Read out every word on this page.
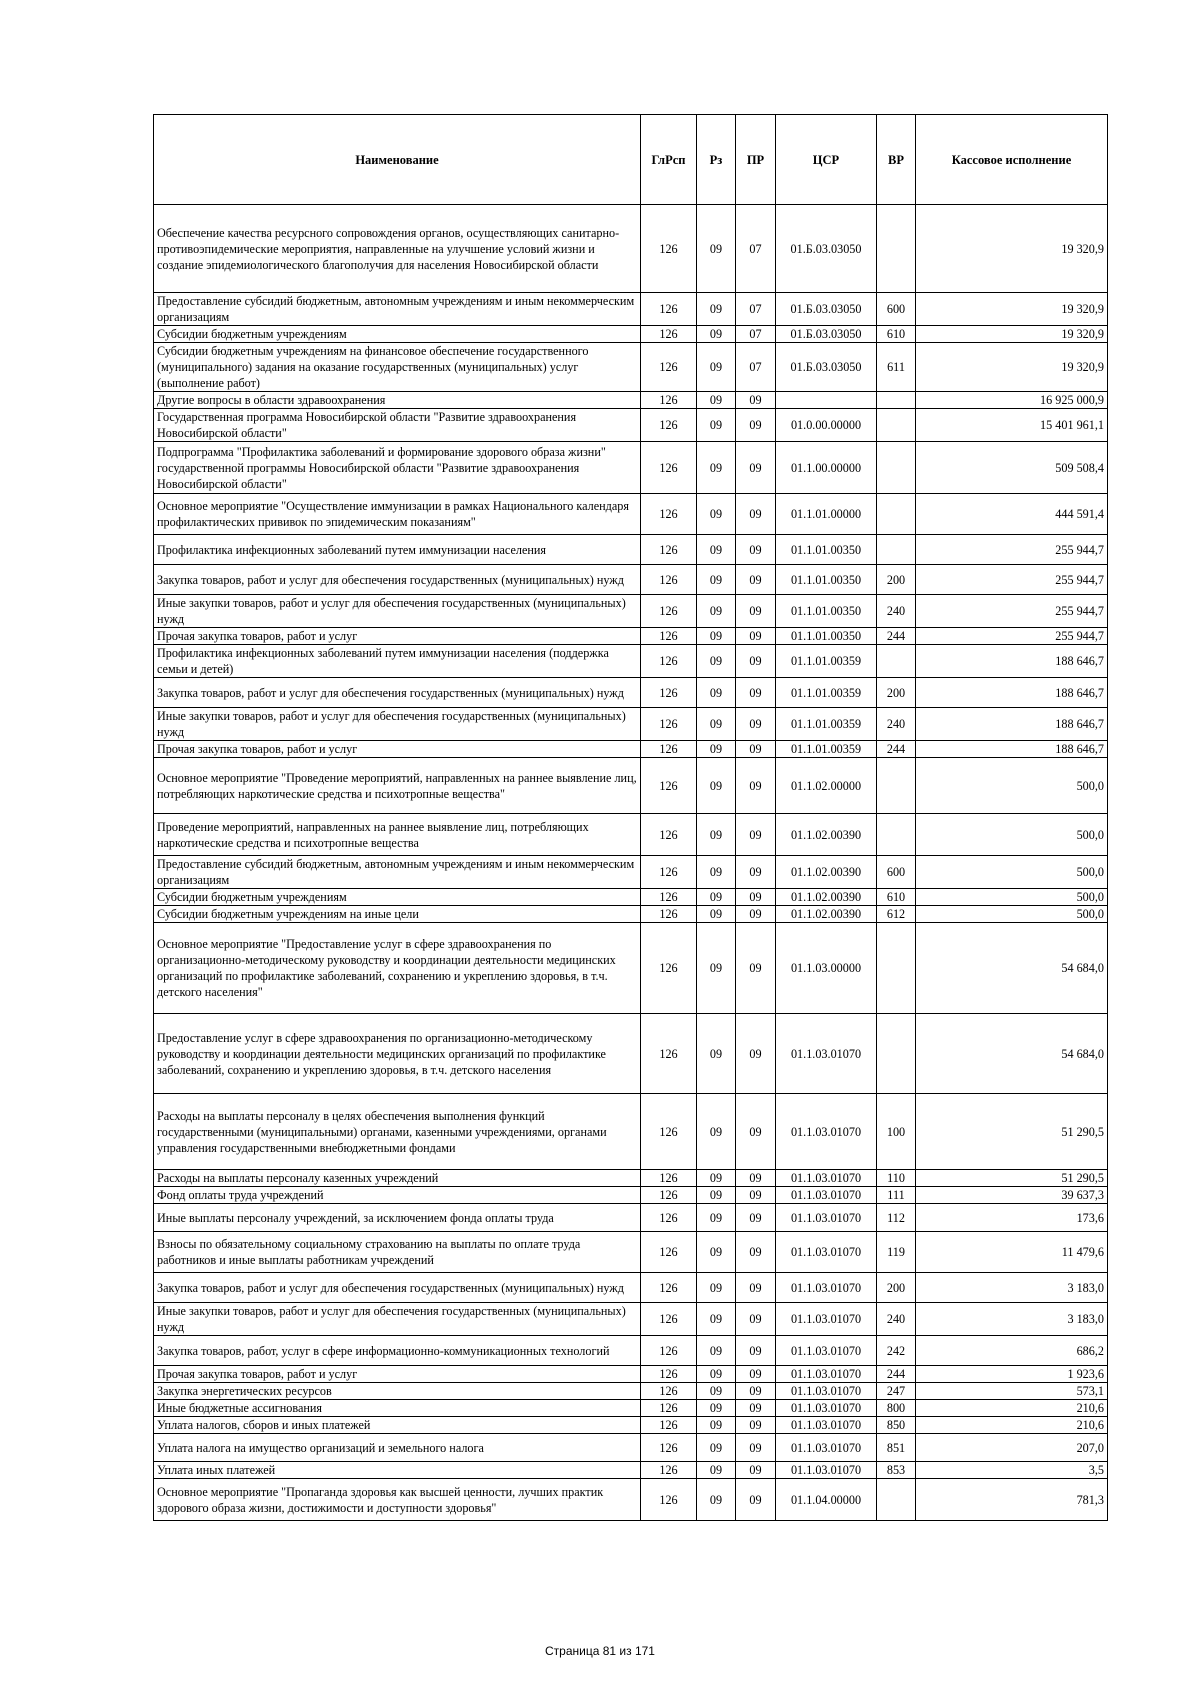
Наименование	ГлРсп	Рз	ПР	ЦСР	ВР	Кассовое исполнение
Обеспечение качества ресурсного сопровождения органов, осуществляющих санитарно-противоэпидемические мероприятия, направленные на улучшение условий жизни и создание эпидемиологического благополучия для населения Новосибирской области	126	09	07	01.Б.03.03050		19 320,9
Предоставление субсидий бюджетным, автономным учреждениям и иным некоммерческим организациям	126	09	07	01.Б.03.03050	600	19 320,9
Субсидии бюджетным учреждениям	126	09	07	01.Б.03.03050	610	19 320,9
Субсидии бюджетным учреждениям на финансовое обеспечение государственного (муниципального) задания на оказание государственных (муниципальных) услуг (выполнение работ)	126	09	07	01.Б.03.03050	611	19 320,9
Другие вопросы в области здравоохранения	126	09	09			16 925 000,9
Государственная программа Новосибирской области "Развитие здравоохранения Новосибирской области"	126	09	09	01.0.00.00000		15 401 961,1
Подпрограмма "Профилактика заболеваний и формирование здорового образа жизни" государственной программы Новосибирской области "Развитие здравоохранения Новосибирской области"	126	09	09	01.1.00.00000		509 508,4
Основное мероприятие "Осуществление иммунизации в рамках Национального календаря профилактических прививок по эпидемическим показаниям"	126	09	09	01.1.01.00000		444 591,4
Профилактика инфекционных заболеваний путем иммунизации населения	126	09	09	01.1.01.00350		255 944,7
Закупка товаров, работ и услуг для обеспечения государственных (муниципальных) нужд	126	09	09	01.1.01.00350	200	255 944,7
Иные закупки товаров, работ и услуг для обеспечения государственных (муниципальных) нужд	126	09	09	01.1.01.00350	240	255 944,7
Прочая закупка товаров, работ и услуг	126	09	09	01.1.01.00350	244	255 944,7
Профилактика инфекционных заболеваний путем иммунизации населения (поддержка семьи и детей)	126	09	09	01.1.01.00359		188 646,7
Закупка товаров, работ и услуг для обеспечения государственных (муниципальных) нужд	126	09	09	01.1.01.00359	200	188 646,7
Иные закупки товаров, работ и услуг для обеспечения государственных (муниципальных) нужд	126	09	09	01.1.01.00359	240	188 646,7
Прочая закупка товаров, работ и услуг	126	09	09	01.1.01.00359	244	188 646,7
Основное мероприятие "Проведение мероприятий, направленных на раннее выявление лиц, потребляющих наркотические средства и психотропные вещества"	126	09	09	01.1.02.00000		500,0
Проведение мероприятий, направленных на раннее выявление лиц, потребляющих наркотические средства и психотропные вещества	126	09	09	01.1.02.00390		500,0
Предоставление субсидий бюджетным, автономным учреждениям и иным некоммерческим организациям	126	09	09	01.1.02.00390	600	500,0
Субсидии бюджетным учреждениям	126	09	09	01.1.02.00390	610	500,0
Субсидии бюджетным учреждениям на иные цели	126	09	09	01.1.02.00390	612	500,0
Основное мероприятие "Предоставление услуг в сфере здравоохранения по организационно-методическому руководству и координации деятельности медицинских организаций по профилактике заболеваний, сохранению и укреплению здоровья, в т.ч. детского населения"	126	09	09	01.1.03.00000		54 684,0
Предоставление услуг в сфере здравоохранения по организационно-методическому руководству и координации деятельности медицинских организаций по профилактике заболеваний, сохранению и укреплению здоровья, в т.ч. детского населения	126	09	09	01.1.03.01070		54 684,0
Расходы на выплаты персоналу в целях обеспечения выполнения функций государственными (муниципальными) органами, казенными учреждениями, органами управления государственными внебюджетными фондами	126	09	09	01.1.03.01070	100	51 290,5
Расходы на выплаты персоналу казенных учреждений	126	09	09	01.1.03.01070	110	51 290,5
Фонд оплаты труда учреждений	126	09	09	01.1.03.01070	111	39 637,3
Иные выплаты персоналу учреждений, за исключением фонда оплаты труда	126	09	09	01.1.03.01070	112	173,6
Взносы по обязательному социальному страхованию на выплаты по оплате труда работников и иные выплаты работникам учреждений	126	09	09	01.1.03.01070	119	11 479,6
Закупка товаров, работ и услуг для обеспечения государственных (муниципальных) нужд	126	09	09	01.1.03.01070	200	3 183,0
Иные закупки товаров, работ и услуг для обеспечения государственных (муниципальных) нужд	126	09	09	01.1.03.01070	240	3 183,0
Закупка товаров, работ, услуг в сфере информационно-коммуникационных технологий	126	09	09	01.1.03.01070	242	686,2
Прочая закупка товаров, работ и услуг	126	09	09	01.1.03.01070	244	1 923,6
Закупка энергетических ресурсов	126	09	09	01.1.03.01070	247	573,1
Иные бюджетные ассигнования	126	09	09	01.1.03.01070	800	210,6
Уплата налогов, сборов и иных платежей	126	09	09	01.1.03.01070	850	210,6
Уплата налога на имущество организаций и земельного налога	126	09	09	01.1.03.01070	851	207,0
Уплата иных платежей	126	09	09	01.1.03.01070	853	3,5
Основное мероприятие "Пропаганда здоровья как высшей ценности, лучших практик здорового образа жизни, достижимости и доступности здоровья"	126	09	09	01.1.04.00000		781,3
Страница 81 из 171
